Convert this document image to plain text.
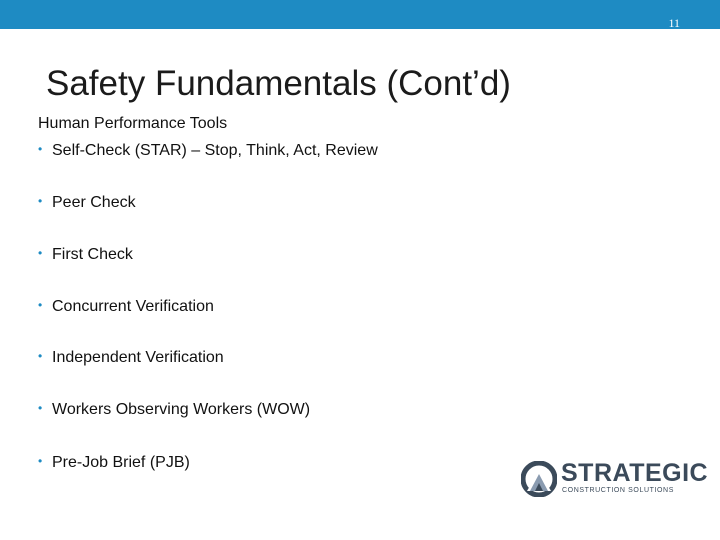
11
Safety Fundamentals (Cont’d)
Human Performance Tools
• Self-Check (STAR) – Stop, Think, Act, Review
• Peer Check
• First Check
• Concurrent Verification
• Independent Verification
• Workers Observing Workers (WOW)
• Pre-Job Brief (PJB)	STRATEGIC
CONSTRUCTION SOLUTIONS
